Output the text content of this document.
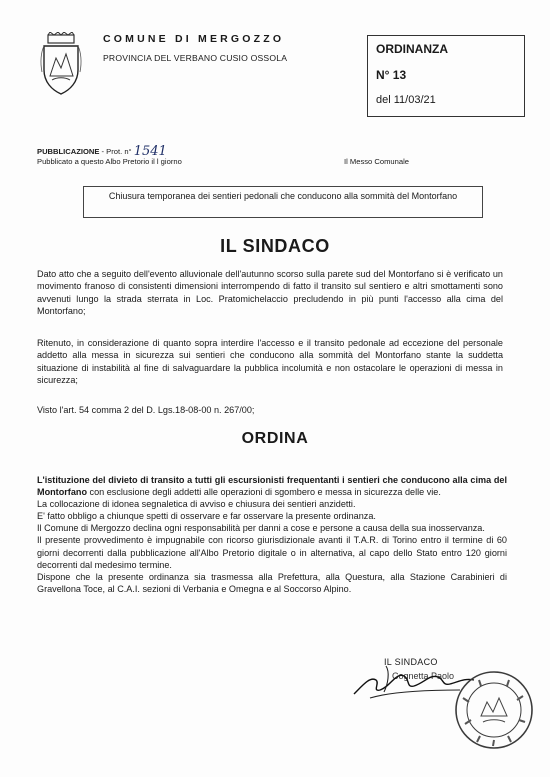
COMUNE DI MERGOZZO
PROVINCIA DEL VERBANO CUSIO OSSOLA
ORDINANZA
N° 13
del 11/03/21
PUBBLICAZIONE - Prot. n° 1541
Pubblicato a questo Albo Pretorio il l giorno	Il Messo Comunale
Chiusura temporanea dei sentieri pedonali che conducono alla sommità del Montorfano
IL SINDACO

Dato atto che a seguito dell'evento alluvionale dell'autunno scorso sulla parete sud del Montorfano si è verificato un movimento franoso di consistenti dimensioni interrompendo di fatto il transito sul sentiero e altri smottamenti sono avvenuti lungo la strada sterrata in Loc. Pratomichelaccio precludendo in più punti l'accesso alla cima del Montorfano;

Ritenuto, in considerazione di quanto sopra interdire l'accesso e il transito pedonale ad eccezione del personale addetto alla messa in sicurezza sui sentieri che conducono alla sommità del Montorfano stante la suddetta situazione di instabilità al fine di salvaguardare la pubblica incolumità e non ostacolare le operazioni di messa in sicurezza;

Visto l'art. 54 comma 2 del D. Lgs.18-08-00 n. 267/00;

ORDINA

L'istituzione del divieto di transito a tutti gli escursionisti frequentanti i sentieri che conducono alla cima del Montorfano con esclusione degli addetti alle operazioni di sgombero e messa in sicurezza delle vie.

La collocazione di idonea segnaletica di avviso e chiusura dei sentieri anzidetti.

E' fatto obbligo a chiunque spetti di osservare e far osservare la presente ordinanza.

Il Comune di Mergozzo declina ogni responsabilità per danni a cose e persone a causa della sua inosservanza.

Il presente provvedimento è impugnabile con ricorso giurisdizionale avanti il T.A.R. di Torino entro il termine di 60 giorni decorrenti dalla pubblicazione all'Albo Pretorio digitale o in alternativa, al capo dello Stato entro 120 giorni decorrenti dal medesimo termine.

Dispone che la presente ordinanza sia trasmessa alla Prefettura, alla Questura, alla Stazione Carabinieri di Gravellona Toce, al C.A.I. sezioni di Verbania e Omegna e al Soccorso Alpino.

IL SINDACO
Cognetta Paolo
